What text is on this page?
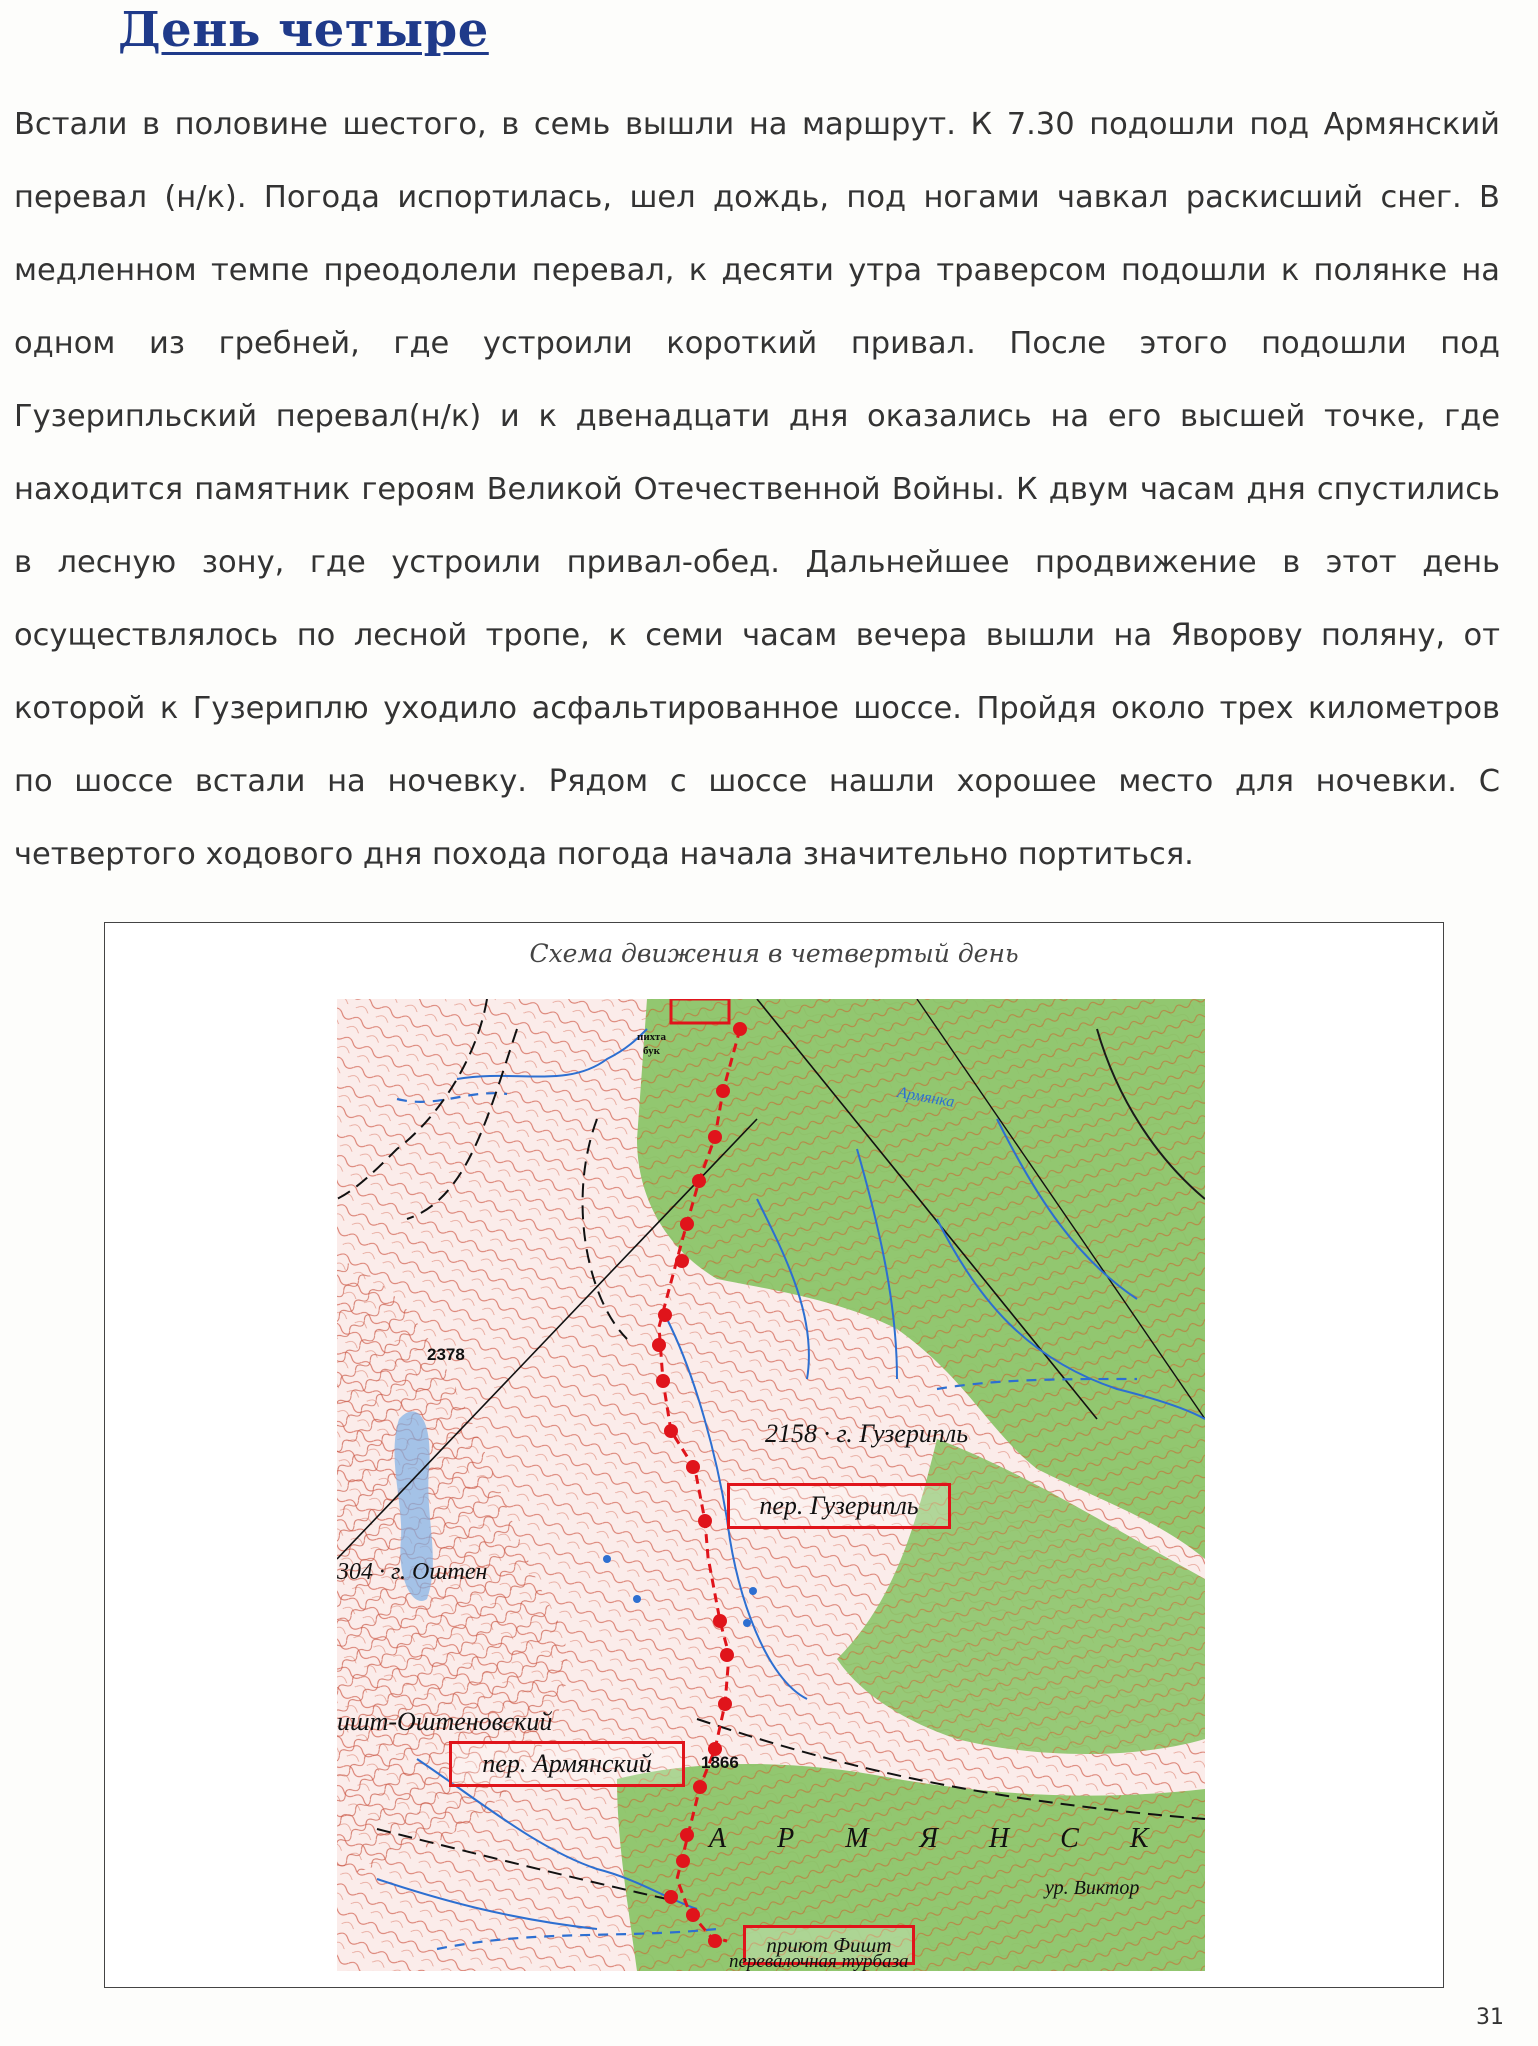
День четыре
Встали в половине шестого, в семь вышли на маршрут. К 7.30 подошли под Армянский перевал (н/к). Погода испортилась, шел дождь, под ногами чавкал раскисший снег. В медленном темпе преодолели перевал, к десяти утра траверсом подошли к полянке на одном из гребней, где устроили короткий привал. После этого подошли под Гузерипльский перевал(н/к) и к двенадцати дня оказались на его высшей точке, где находится памятник героям Великой Отечественной Войны. К двум часам дня спустились в лесную зону, где устроили привал-обед. Дальнейшее продвижение в этот день осуществлялось по лесной тропе, к семи часам вечера вышли на Яворову поляну, от которой к Гузериплю уходило асфальтированное шоссе. Пройдя около трех километров по шоссе встали на ночевку. Рядом с шоссе нашли хорошее место для ночевки. С четвертого ходового дня похода погода начала значительно портиться.
Схема движения в четвертый день
пихта
бук
Армянка
2378
2158 · г. Гузерипль
пер. Гузерипль
304 · г. Оштен
ишт-Оштеновский
пер. Армянский	1866
А Р М Я Н С К
ур. Виктор
приют Фишт
перевалочная турбаза
31
